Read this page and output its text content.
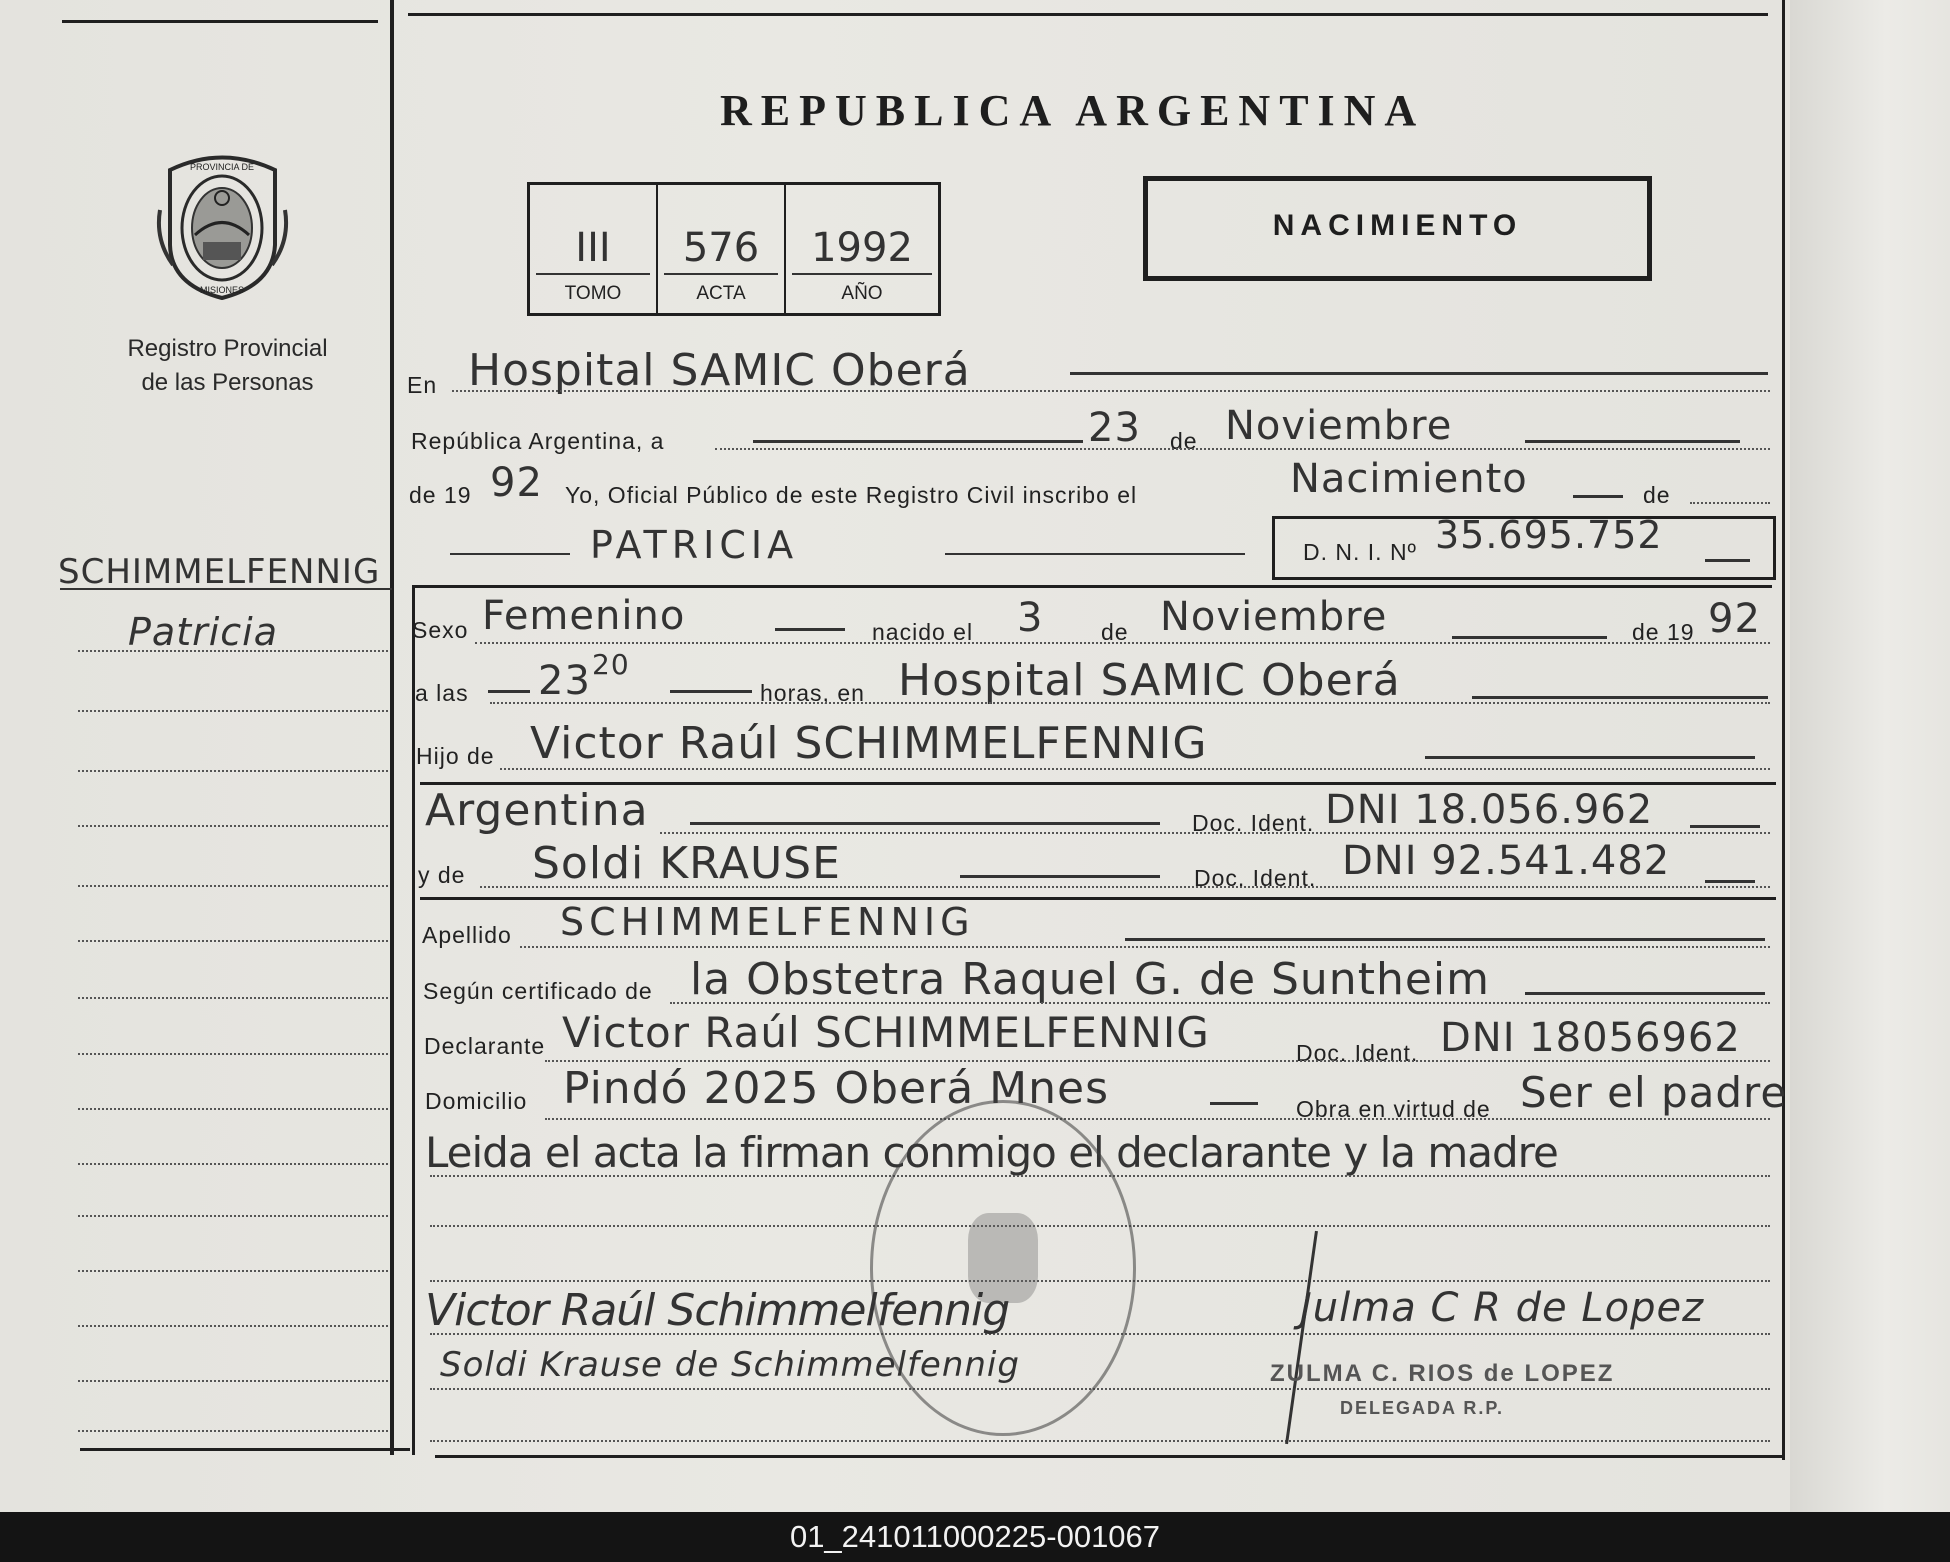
REPUBLICA ARGENTINA
III
TOMO
576
ACTA
1992
AÑO
NACIMIENTO
PROVINCIA DE
MISIONES
Registro Provincial
de las Personas
SCHIMMELFENNIG
Patricia
En Hospital SAMIC Oberá
República Argentina, a	23 de Noviembre
de 19 92 Yo, Oficial Público de este Registro Civil inscribo el	Nacimiento	de
PATRICIA	D. N. I. Nº 35.695.752
Sexo Femenino	nacido el 3	de Noviembre	de 19 92
a las 23 20
horas, en Hospital SAMIC Oberá
Hijo de Victor Raúl SCHIMMELFENNIG
Argentina	Doc. Ident. DNI 18.056.962
y de Soldi KRAUSE	Doc. Ident. DNI 92.541.482
Apellido SCHIMMELFENNIG
Según certificado de la Obstetra Raquel G. de Suntheim
Declarante Victor Raúl SCHIMMELFENNIG	Doc. Ident. DNI 18056962
Domicilio Pindó 2025 Oberá Mnes	Obra en virtud de Ser el padre
Leida el acta la firman conmigo el declarante y la madre
Victor Raúl Schimmelfennig
Soldi Krause de Schimmelfennig
Julma C R de Lopez
ZULMA C. RIOS de LOPEZ
DELEGADA R.P.
01_241011000225-001067
